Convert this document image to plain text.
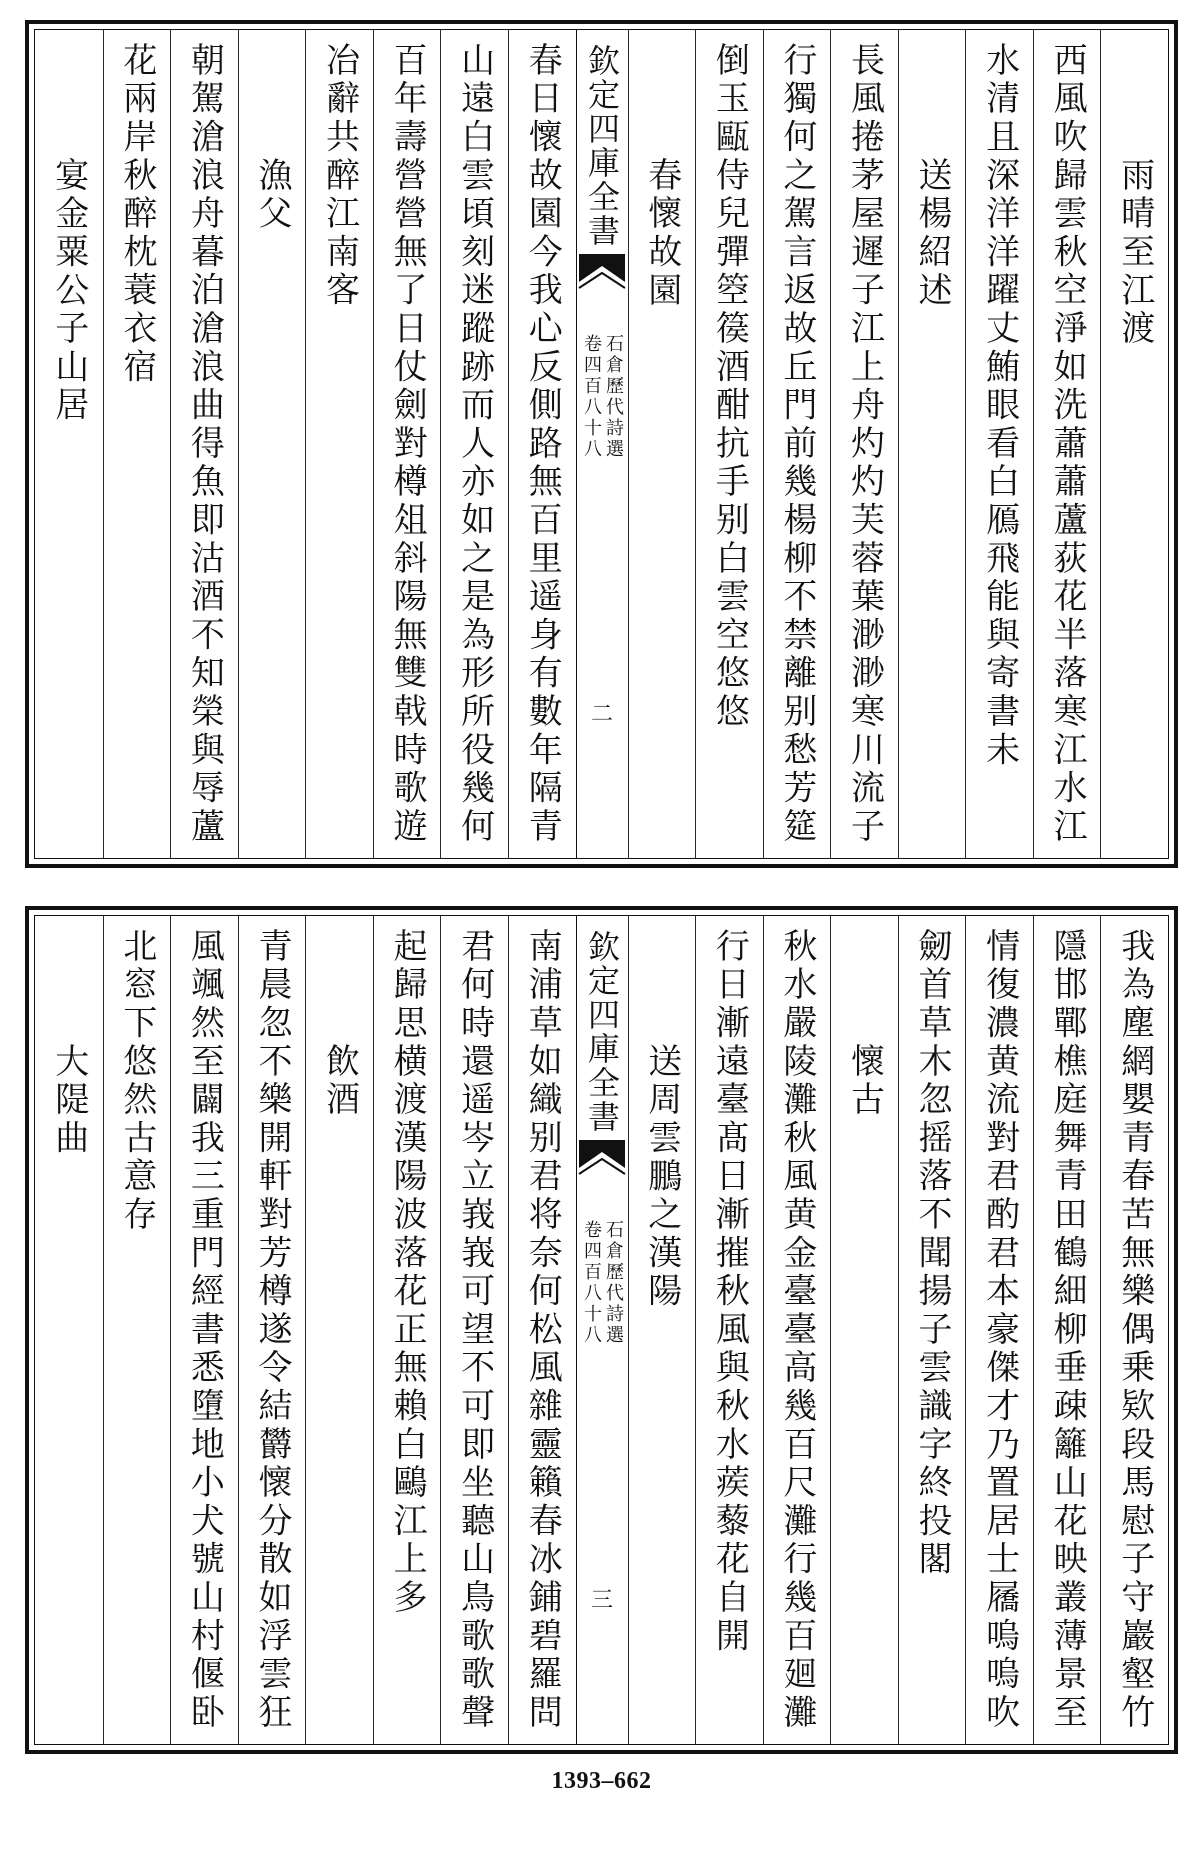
雨晴至江渡
西風吹歸雲秋空淨如洗蕭蕭蘆荻花半落寒江水江
水清且深洋洋躍丈鮪眼看白鴈飛能與寄書未
送楊紹述
長風捲茅屋遲子江上舟灼灼芙蓉葉渺渺寒川流子
行獨何之駕言返故丘門前幾楊柳不禁離别愁芳筵
倒玉甌侍兒彈箜篌酒酣抗手别白雲空悠悠
春懷故園
欽定四庫全書
石倉歷代詩選
卷四百八十八
二
春日懷故園今我心反側路無百里遥身有數年隔青
山遠白雲頃刻迷蹤跡而人亦如之是為形所役幾何
百年壽營營無了日仗劍對樽俎斜陽無雙戟時歌遊
冶辭共醉江南客
漁父
朝駕滄浪舟暮泊滄浪曲得魚即沽酒不知榮與辱蘆
花兩岸秋醉枕蓑衣宿
宴金粟公子山居
我為塵網嬰青春苦無樂偶乗欵段馬慰子守巖壑竹
隱邯鄲樵庭舞青田鶴細柳垂疎籬山花映叢薄景至
情復濃黄流對君酌君本豪傑才乃置居士屩嗚嗚吹
劒首草木忽摇落不聞揚子雲識字終投閣
懷古
秋水嚴陵灘秋風黄金臺臺高幾百尺灘行幾百廻灘
行日漸遠臺髙日漸摧秋風與秋水蒺藜花自開
送周雲鵬之漢陽
欽定四庫全書
石倉歷代詩選
卷四百八十八
三
南浦草如織别君将奈何松風雜靈籟春冰鋪碧羅問
君何時還遥岑立峩峩可望不可即坐聽山鳥歌歌聲
起歸思横渡漢陽波落花正無賴白鷗江上多
飲酒
青晨忽不樂開軒對芳樽遂令結欝懷分散如浮雲狂
風颯然至闢我三重門經書悉墮地小犬號山村偃卧
北窓下悠然古意存
大隄曲
1393–662
